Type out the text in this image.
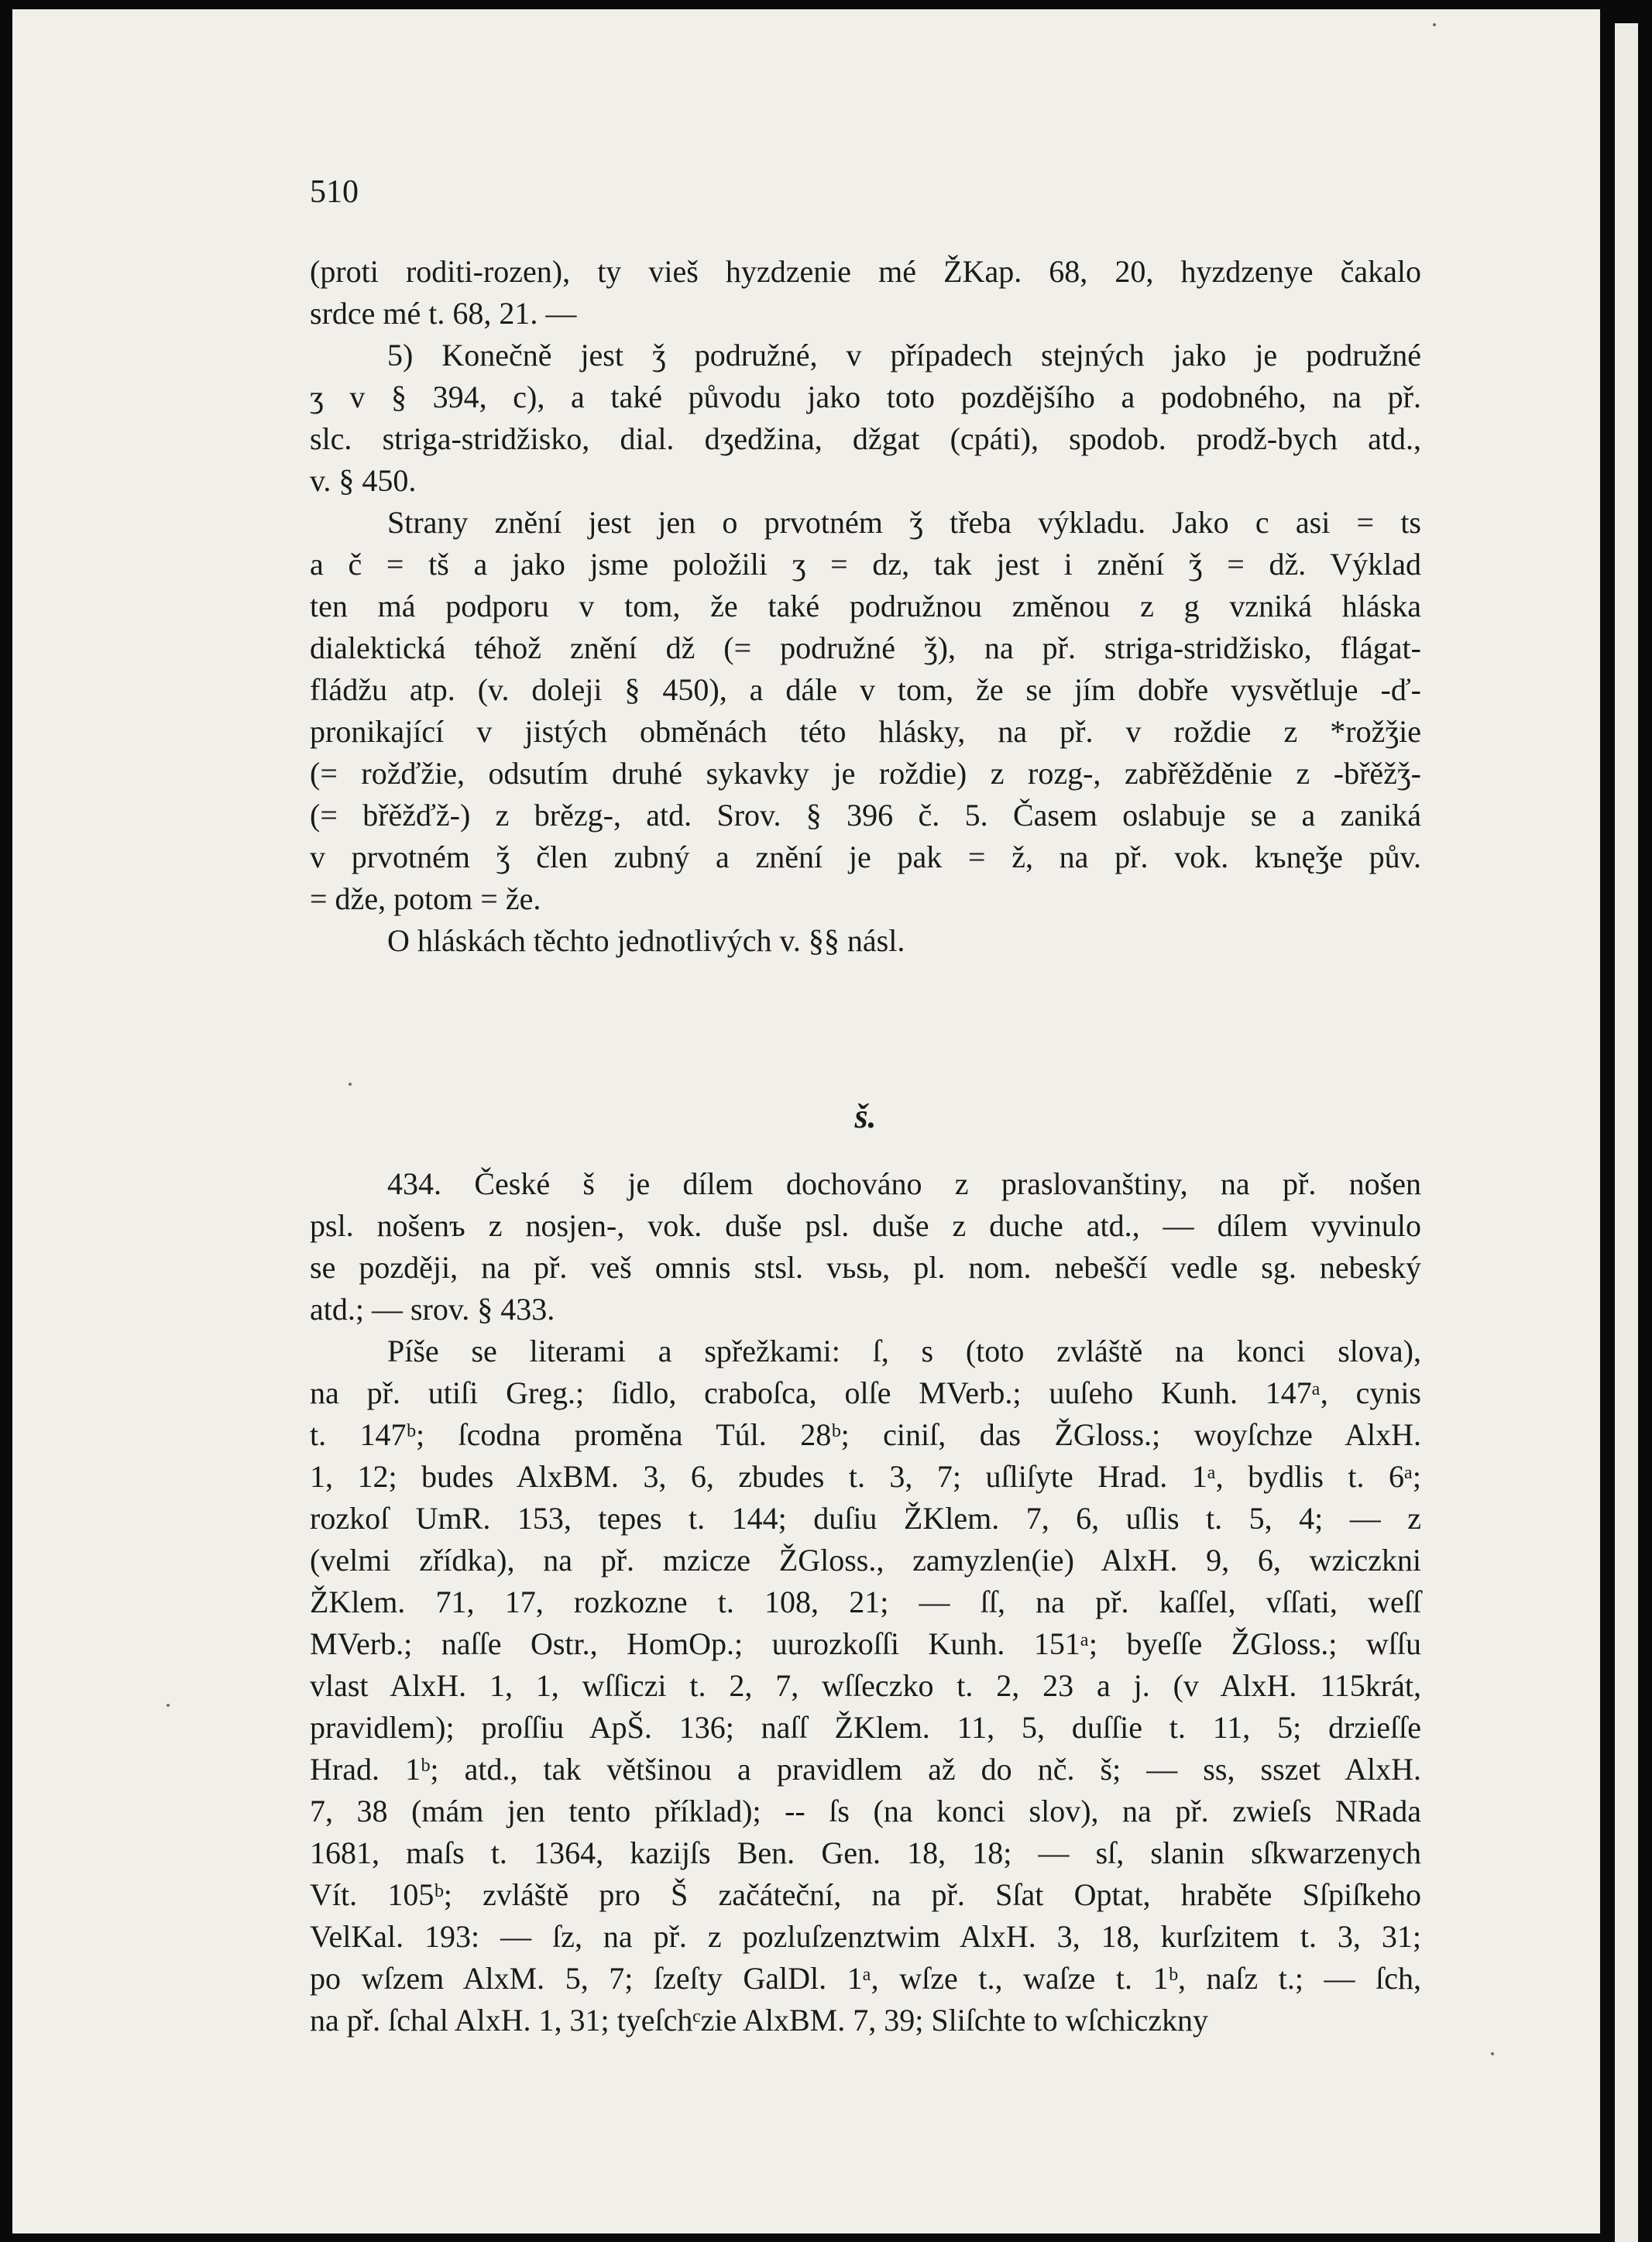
510
(proti roditi-rozen), ty vieš hyzdzenie mé ŽKap. 68, 20, hyzdzenye čakalo
srdce mé t. 68, 21. —
5) Konečně jest ǯ podružné, v případech stejných jako je podružné
ʒ v § 394, c), a také původu jako toto pozdějšího a podobného, na př.
slc. striga-stridžisko, dial. dʒedžina, džgat (cpáti), spodob. prodž-bych atd.,
v. § 450.
Strany znění jest jen o prvotném ǯ třeba výkladu. Jako c asi = ts
a č = tš a jako jsme položili ʒ = dz, tak jest i znění ǯ = dž. Výklad
ten má podporu v tom, že také podružnou změnou z g vzniká hláska
dialektická téhož znění dž (= podružné ǯ), na př. striga-stridžisko, flágat-
fládžu atp. (v. doleji § 450), a dále v tom, že se jím dobře vysvětluje -ď-
pronikající v jistých obměnách této hlásky, na př. v roždie z *rožǯie
(= rožďžie, odsutím druhé sykavky je roždie) z rozg-, zabřěžděnie z -břěžǯ-
(= břěžďž-) z brězg-, atd. Srov. § 396 č. 5. Časem oslabuje se a zaniká
v prvotném ǯ člen zubný a znění je pak = ž, na př. vok. kъnęǯe pův.
= dže, potom = že.
O hláskách těchto jednotlivých v. §§ násl.
š.
434. České š je dílem dochováno z praslovanštiny, na př. nošen
psl. nošenъ z nosjen-, vok. duše psl. duše z duche atd., — dílem vyvinulo
se později, na př. veš omnis stsl. vьsь, pl. nom. nebeščí vedle sg. nebeský
atd.; — srov. § 433.
Píše se literami a spřežkami: ſ, s (toto zvláště na konci slova),
na př. utiſi Greg.; ſidlo, craboſca, olſe MVerb.; uuſeho Kunh. 147ᵃ, cynis
t. 147ᵇ; ſcodna proměna Túl. 28ᵇ; ciniſ, das ŽGloss.; woyſchze AlxH.
1, 12; budes AlxBM. 3, 6, zbudes t. 3, 7; uſliſyte Hrad. 1ᵃ, bydlis t. 6ᵃ;
rozkoſ UmR. 153, tepes t. 144; duſiu ŽKlem. 7, 6, uſlis t. 5, 4; — z
(velmi zřídka), na př. mzicze ŽGloss., zamyzlen(ie) AlxH. 9, 6, wziczkni
ŽKlem. 71, 17, rozkozne t. 108, 21; — ſſ, na př. kaſſel, vſſati, weſſ
MVerb.; naſſe Ostr., HomOp.; uurozkoſſi Kunh. 151ᵃ; byeſſe ŽGloss.; wſſu
vlast AlxH. 1, 1, wſſiczi t. 2, 7, wſſeczko t. 2, 23 a j. (v AlxH. 115krát,
pravidlem); proſſiu ApŠ. 136; naſſ ŽKlem. 11, 5, duſſie t. 11, 5; drzieſſe
Hrad. 1ᵇ; atd., tak většinou a pravidlem až do nč. š; — ss, sszet AlxH.
7, 38 (mám jen tento příklad); -- ſs (na konci slov), na př. zwieſs NRada
1681, maſs t. 1364, kazijſs Ben. Gen. 18, 18; — sſ, slanin sſkwarzenych
Vít. 105ᵇ; zvláště pro Š začáteční, na př. Sſat Optat, hraběte Sſpiſkeho
VelKal. 193: — ſz, na př. z pozluſzenztwim AlxH. 3, 18, kurſzitem t. 3, 31;
po wſzem AlxM. 5, 7; ſzeſty GalDl. 1ᵃ, wſze t., waſze t. 1ᵇ, naſz t.; — ſch,
na př. ſchal AlxH. 1, 31; tyeſchᶜzie AlxBM. 7, 39; Sliſchte to wſchiczkny
